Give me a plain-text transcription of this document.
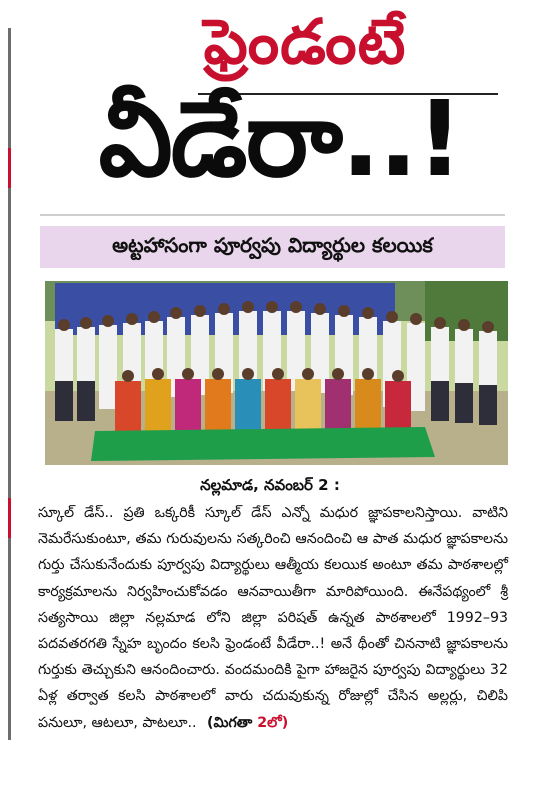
ఫ్రెండంటే
వీడేరా..!
అట్టహాసంగా పూర్వపు విద్యార్థుల కలయిక
నల్లమాడ, నవంబర్ 2 :

స్కూల్ డేస్.. ప్రతి ఒక్కరికీ స్కూల్ డేస్ ఎన్నో మధుర జ్ఞాపకాలనిస్తాయి. వాటిని నెమరేసుకుంటూ, తమ గురువులను సత్కరించి ఆనందించి ఆ పాత మధుర జ్ఞాపకాలను గుర్తు చేసుకునేందుకు పూర్వపు విద్యార్థులు ఆత్మీయ కలయిక అంటూ తమ పాఠశాలల్లో కార్యక్రమాలను నిర్వహించుకోవడం ఆనవాయితీగా మారిపోయింది. ఈనేపథ్యంలో శ్రీ సత్యసాయి జిల్లా నల్లమాడ లోని జిల్లా పరిషత్ ఉన్నత పాఠశాలలో 1992–93 పదవతరగతి స్నేహ బృందం కలసి ఫ్రెండంటే వీడేరా..! అనే థీంతో చిననాటి జ్ఞాపకాలను గుర్తుకు తెచ్చుకుని ఆనందించారు. వందమందికి పైగా హాజరైన పూర్వపు విద్యార్థులు 32 ఏళ్ల తర్వాత కలసి పాఠశాలలో వారు చదువుకున్న రోజుల్లో చేసిన అల్లర్లు, చిలిపి పనులూ, ఆటలూ, పాటలూ.. (మిగతా 2లో)
